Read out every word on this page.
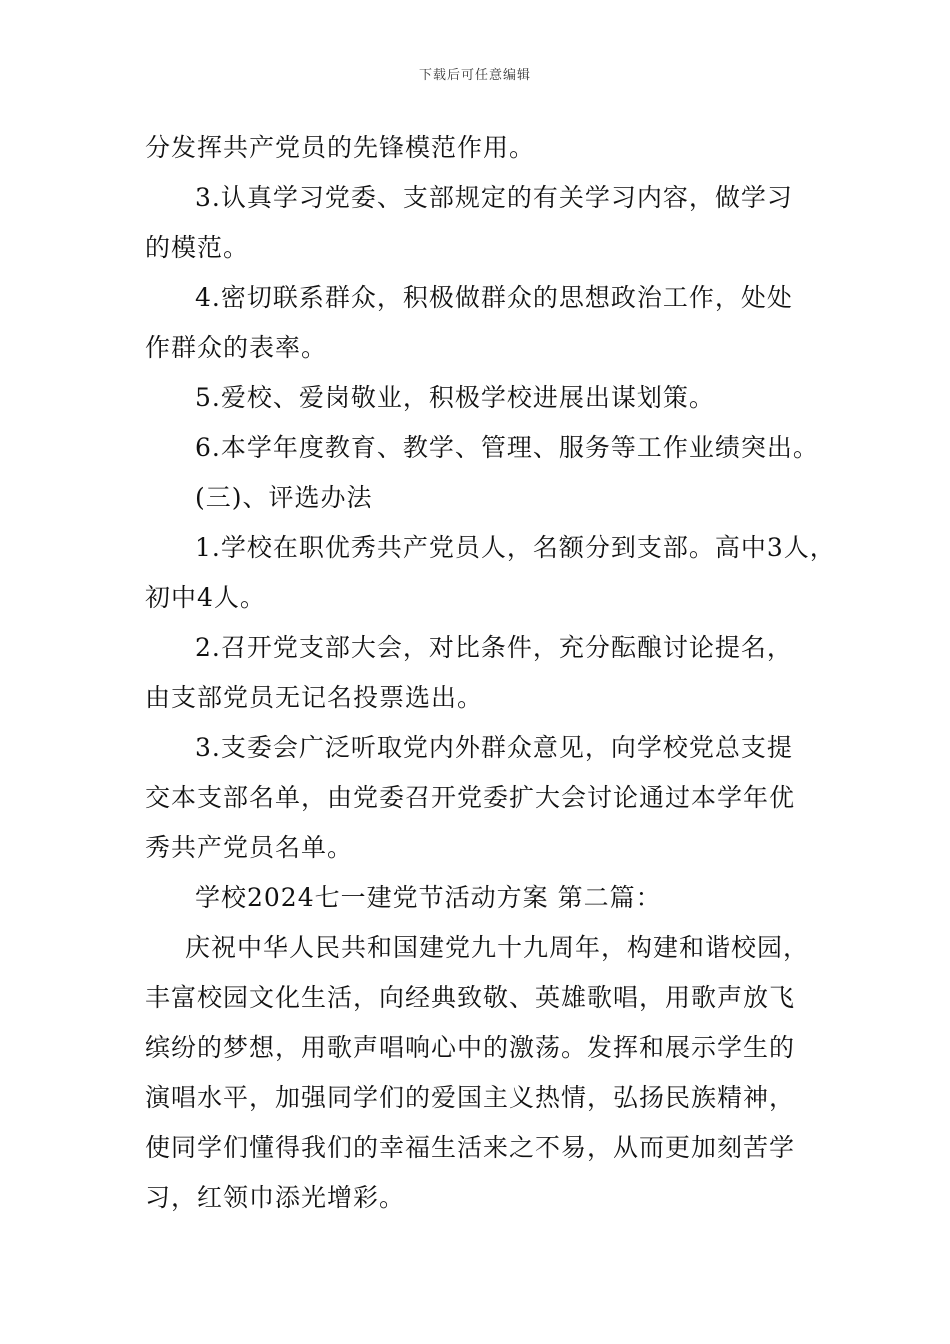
下载后可任意编辑
分发挥共产党员的先锋模范作用。
3.认真学习党委、支部规定的有关学习内容，做学习
的模范。
4.密切联系群众，积极做群众的思想政治工作，处处
作群众的表率。
5.爱校、爱岗敬业，积极学校进展出谋划策。
6.本学年度教育、教学、管理、服务等工作业绩突出。
(三)、评选办法
1.学校在职优秀共产党员人，名额分到支部。高中3人，
初中4人。
2.召开党支部大会，对比条件，充分酝酿讨论提名，
由支部党员无记名投票选出。
3.支委会广泛听取党内外群众意见，向学校党总支提
交本支部名单，由党委召开党委扩大会讨论通过本学年优
秀共产党员名单。
学校2024七一建党节活动方案 第二篇：
庆祝中华人民共和国建党九十九周年，构建和谐校园，
丰富校园文化生活，向经典致敬、英雄歌唱，用歌声放飞
缤纷的梦想，用歌声唱响心中的激荡。发挥和展示学生的
演唱水平，加强同学们的爱国主义热情，弘扬民族精神，
使同学们懂得我们的幸福生活来之不易，从而更加刻苦学
习，红领巾添光增彩。
